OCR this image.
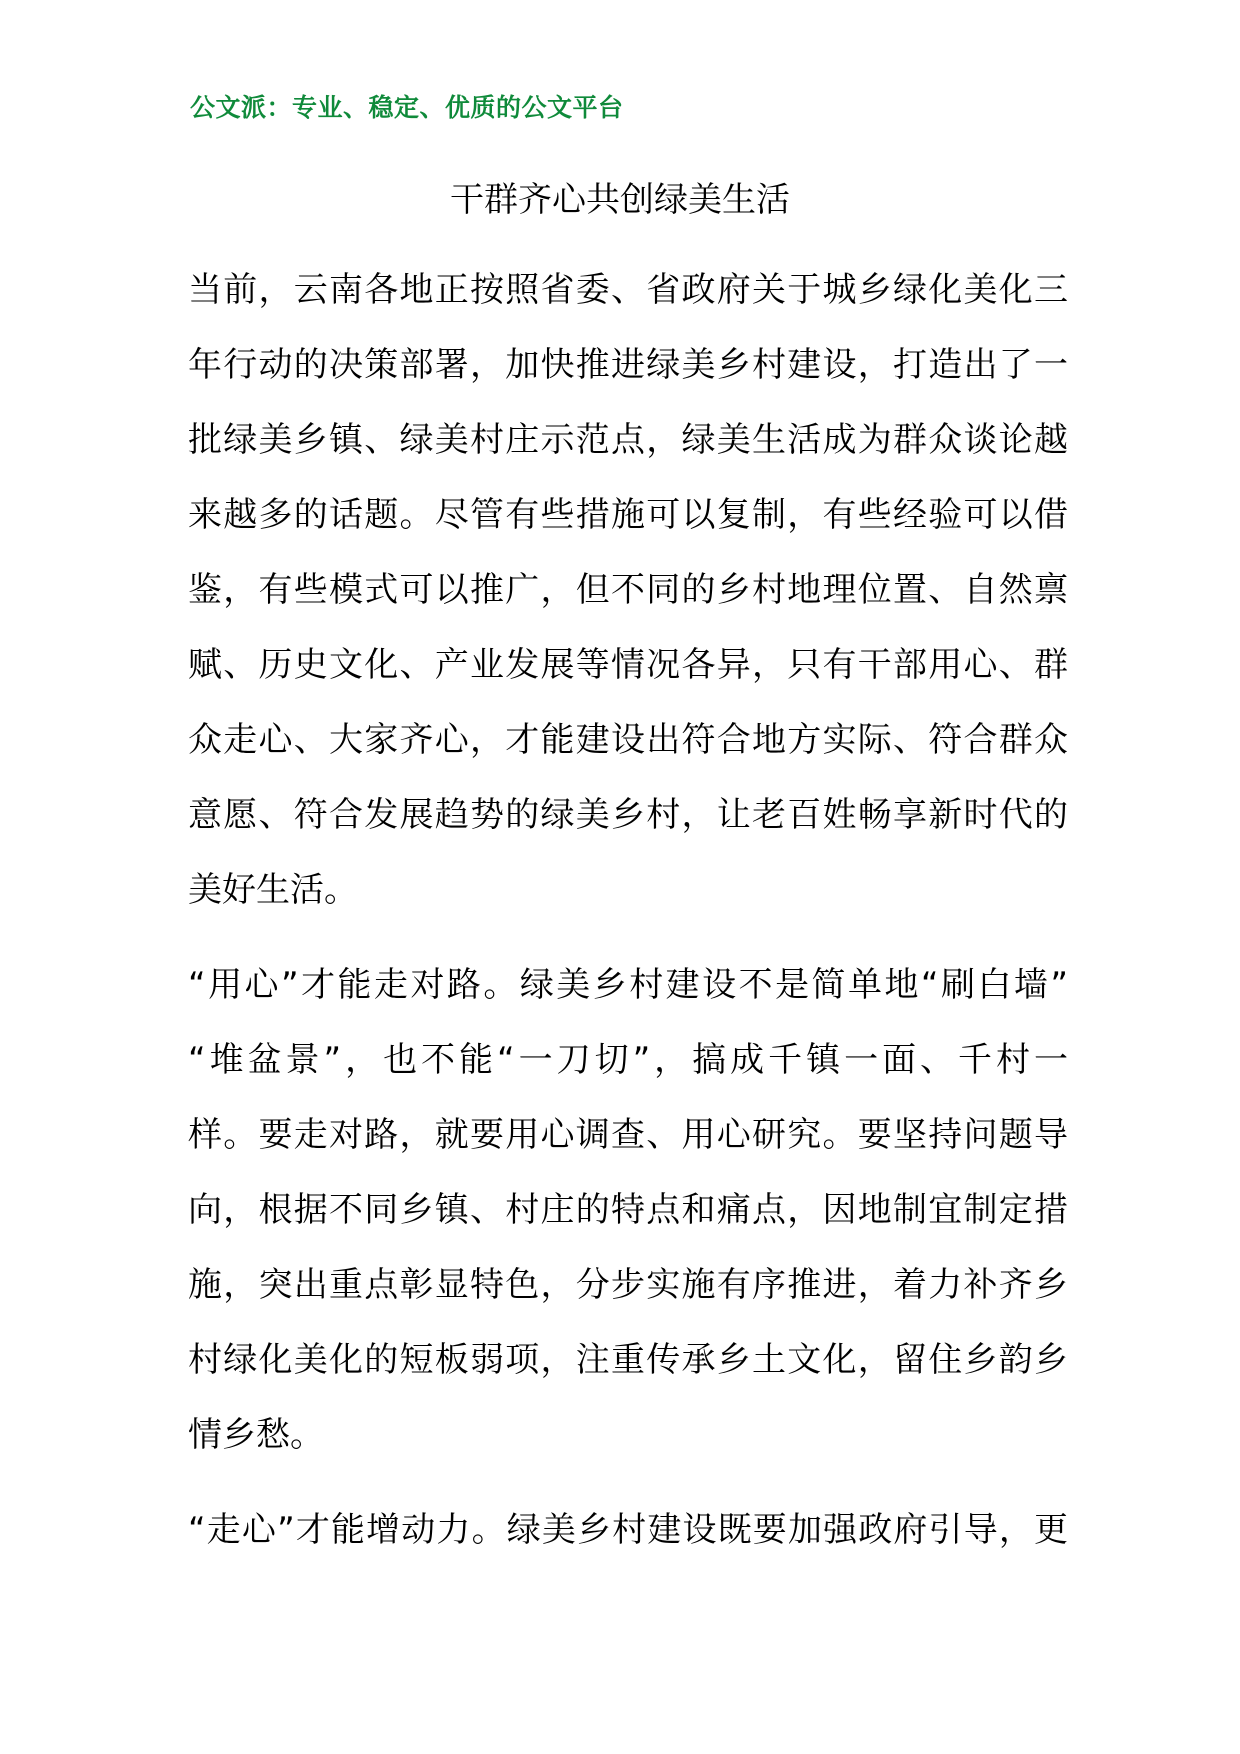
公文派：专业、稳定、优质的公文平台
干群齐心共创绿美生活
当前，云南各地正按照省委、省政府关于城乡绿化美化三
年行动的决策部署，加快推进绿美乡村建设，打造出了一
批绿美乡镇、绿美村庄示范点，绿美生活成为群众谈论越
来越多的话题。尽管有些措施可以复制，有些经验可以借
鉴，有些模式可以推广，但不同的乡村地理位置、自然禀
赋、历史文化、产业发展等情况各异，只有干部用心、群
众走心、大家齐心，才能建设出符合地方实际、符合群众
意愿、符合发展趋势的绿美乡村，让老百姓畅享新时代的
美好生活。
“用心”才能走对路。绿美乡村建设不是简单地“刷白墙”
“堆盆景”，也不能“一刀切”，搞成千镇一面、千村一
样。要走对路，就要用心调查、用心研究。要坚持问题导
向，根据不同乡镇、村庄的特点和痛点，因地制宜制定措
施，突出重点彰显特色，分步实施有序推进，着力补齐乡
村绿化美化的短板弱项，注重传承乡土文化，留住乡韵乡
情乡愁。
“走心”才能增动力。绿美乡村建设既要加强政府引导，更
